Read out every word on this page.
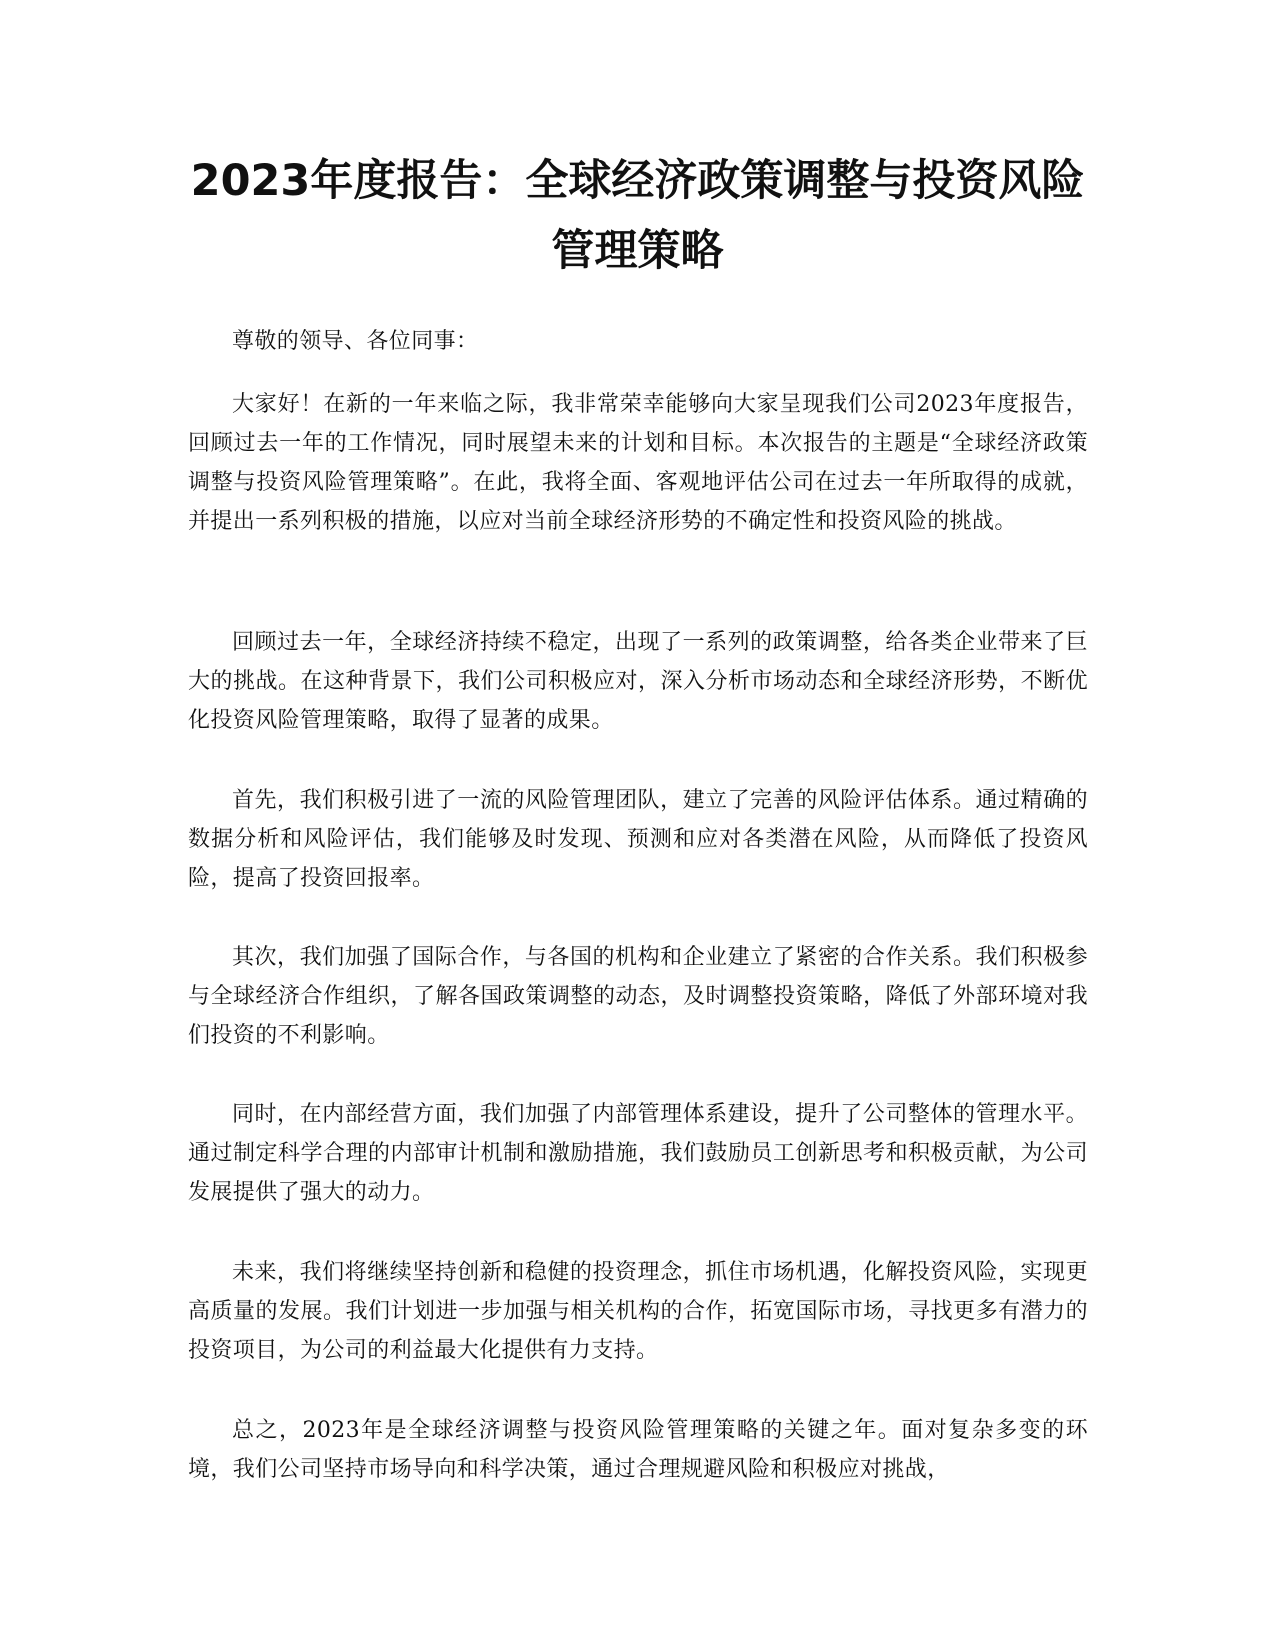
2023年度报告：全球经济政策调整与投资风险管理策略

尊敬的领导、各位同事：

大家好！在新的一年来临之际，我非常荣幸能够向大家呈现我们公司2023年度报告，回顾过去一年的工作情况，同时展望未来的计划和目标。本次报告的主题是“全球经济政策调整与投资风险管理策略”。在此，我将全面、客观地评估公司在过去一年所取得的成就，并提出一系列积极的措施，以应对当前全球经济形势的不确定性和投资风险的挑战。

回顾过去一年，全球经济持续不稳定，出现了一系列的政策调整，给各类企业带来了巨大的挑战。在这种背景下，我们公司积极应对，深入分析市场动态和全球经济形势，不断优化投资风险管理策略，取得了显著的成果。

首先，我们积极引进了一流的风险管理团队，建立了完善的风险评估体系。通过精确的数据分析和风险评估，我们能够及时发现、预测和应对各类潜在风险，从而降低了投资风险，提高了投资回报率。

其次，我们加强了国际合作，与各国的机构和企业建立了紧密的合作关系。我们积极参与全球经济合作组织，了解各国政策调整的动态，及时调整投资策略，降低了外部环境对我们投资的不利影响。

同时，在内部经营方面，我们加强了内部管理体系建设，提升了公司整体的管理水平。通过制定科学合理的内部审计机制和激励措施，我们鼓励员工创新思考和积极贡献，为公司发展提供了强大的动力。

未来，我们将继续坚持创新和稳健的投资理念，抓住市场机遇，化解投资风险，实现更高质量的发展。我们计划进一步加强与相关机构的合作，拓宽国际市场，寻找更多有潜力的投资项目，为公司的利益最大化提供有力支持。

总之，2023年是全球经济调整与投资风险管理策略的关键之年。面对复杂多变的环境，我们公司坚持市场导向和科学决策，通过合理规避风险和积极应对挑战，
